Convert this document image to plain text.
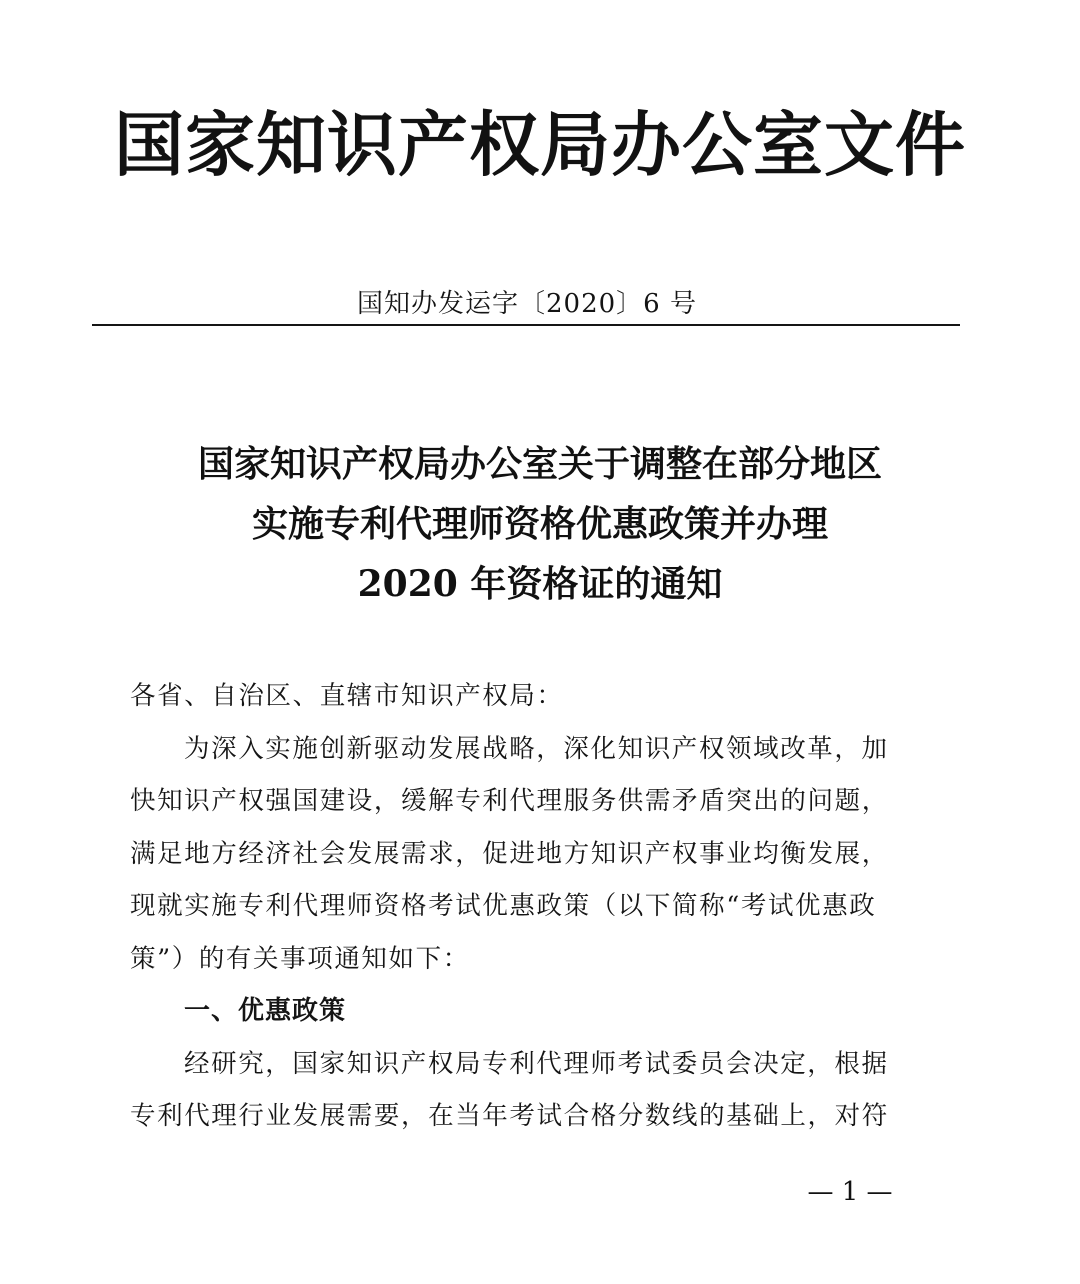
国家知识产权局办公室文件
国知办发运字〔2020〕6 号
国家知识产权局办公室关于调整在部分地区
实施专利代理师资格优惠政策并办理
2020 年资格证的通知
各省、自治区、直辖市知识产权局：
为深入实施创新驱动发展战略，深化知识产权领域改革，加
快知识产权强国建设，缓解专利代理服务供需矛盾突出的问题，
满足地方经济社会发展需求，促进地方知识产权事业均衡发展，
现就实施专利代理师资格考试优惠政策（以下简称“考试优惠政
策”）的有关事项通知如下：
一、优惠政策
经研究，国家知识产权局专利代理师考试委员会决定，根据
专利代理行业发展需要，在当年考试合格分数线的基础上，对符
— 1 —
